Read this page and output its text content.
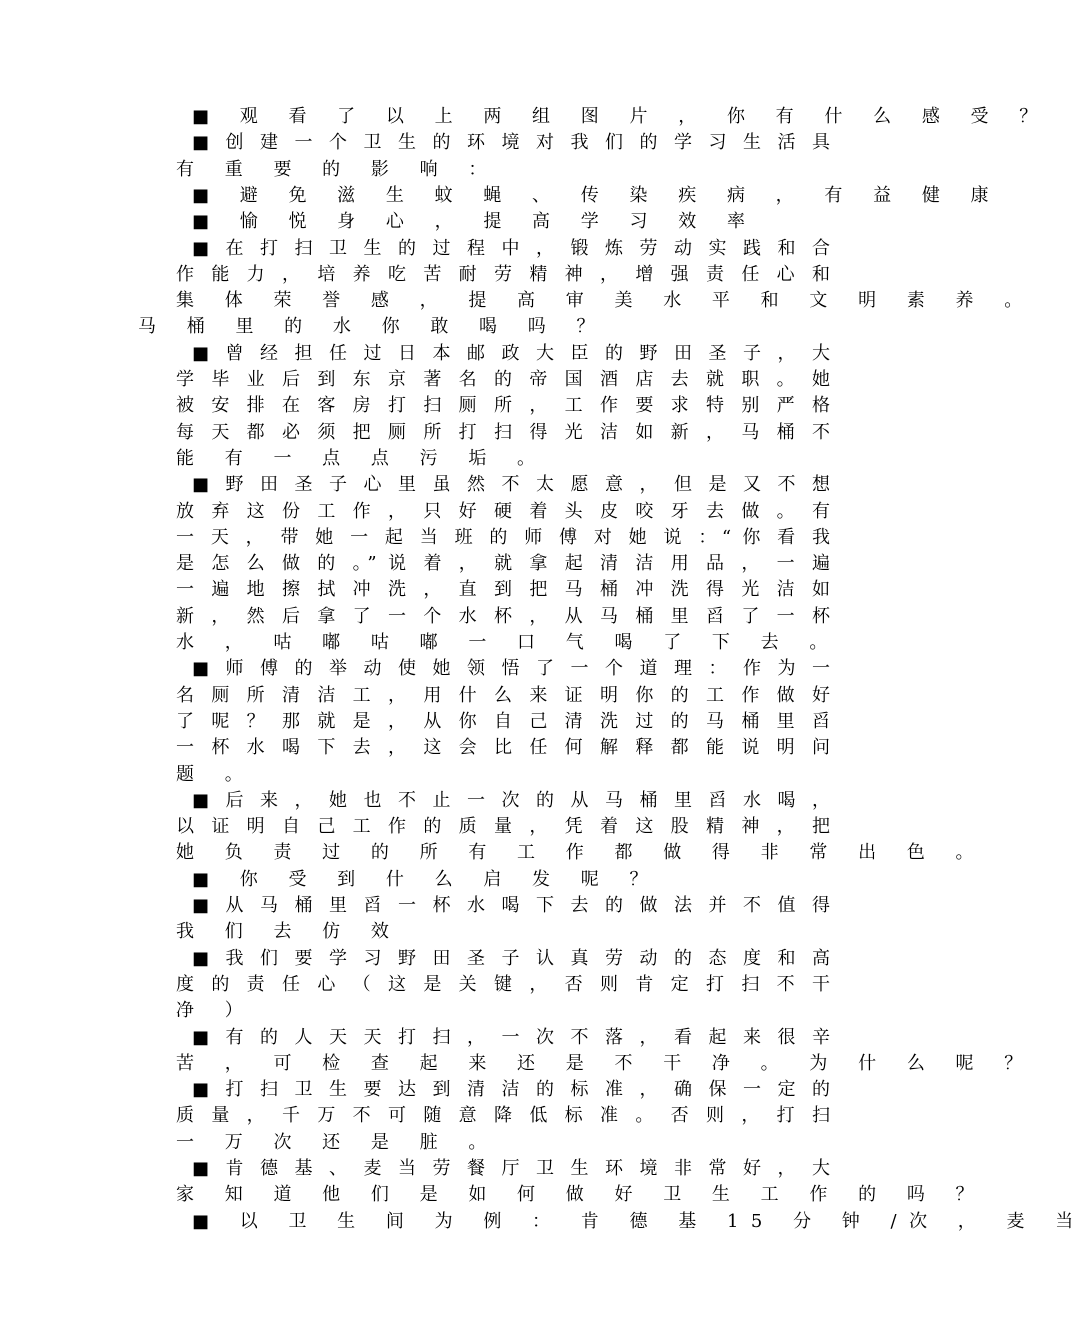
■ 观 看 了 以 上 两 组 图 片 ， 你 有 什 么 感 受 ？
■ 创 建 一 个 卫 生 的 环 境 对 我 们 的 学 习 生 活 具
有 重 要 的 影 响 ：
■ 避 免 滋 生 蚊 蝇 、 传 染 疾 病 ， 有 益 健 康
■ 愉 悦 身 心 ， 提 高 学 习 效 率
■ 在 打 扫 卫 生 的 过 程 中 ， 锻 炼 劳 动 实 践 和 合
作 能 力 ， 培 养 吃 苦 耐 劳 精 神 ， 增 强 责 任 心 和
集 体 荣 誉 感 ， 提 高 审 美 水 平 和 文 明 素 养 。
马 桶 里 的 水 你 敢 喝 吗 ？
■ 曾 经 担 任 过 日 本 邮 政 大 臣 的 野 田 圣 子 ， 大
学 毕 业 后 到 东 京 著 名 的 帝 国 酒 店 去 就 职 。 她
被 安 排 在 客 房 打 扫 厕 所 ， 工 作 要 求 特 别 严 格
每 天 都 必 须 把 厕 所 打 扫 得 光 洁 如 新 ， 马 桶 不
能 有 一 点 点 污 垢 。
■ 野 田 圣 子 心 里 虽 然 不 太 愿 意 ， 但 是 又 不 想
放 弃 这 份 工 作 ， 只 好 硬 着 头 皮 咬 牙 去 做 。 有
一 天 ， 带 她 一 起 当 班 的 师 傅 对 她 说 ：“ 你 看 我
是 怎 么 做 的 。” 说 着 ， 就 拿 起 清 洁 用 品 ， 一 遍
一 遍 地 擦 拭 冲 洗 ， 直 到 把 马 桶 冲 洗 得 光 洁 如
新 ， 然 后 拿 了 一 个 水 杯 ， 从 马 桶 里 舀 了 一 杯
水 ， 咕 嘟 咕 嘟 一 口 气 喝 了 下 去 。
■ 师 傅 的 举 动 使 她 领 悟 了 一 个 道 理 ： 作 为 一
名 厕 所 清 洁 工 ， 用 什 么 来 证 明 你 的 工 作 做 好
了 呢 ？ 那 就 是 ， 从 你 自 己 清 洗 过 的 马 桶 里 舀
一 杯 水 喝 下 去 ， 这 会 比 任 何 解 释 都 能 说 明 问
题 。
■ 后 来 ， 她 也 不 止 一 次 的 从 马 桶 里 舀 水 喝 ，
以 证 明 自 己 工 作 的 质 量 ， 凭 着 这 股 精 神 ， 把
她 负 责 过 的 所 有 工 作 都 做 得 非 常 出 色 。
■ 你 受 到 什 么 启 发 呢 ？
■ 从 马 桶 里 舀 一 杯 水 喝 下 去 的 做 法 并 不 值 得
我 们 去 仿 效
■ 我 们 要 学 习 野 田 圣 子 认 真 劳 动 的 态 度 和 高
度 的 责 任 心 （ 这 是 关 键 ， 否 则 肯 定 打 扫 不 干
净 ）
■ 有 的 人 天 天 打 扫 ， 一 次 不 落 ， 看 起 来 很 辛
苦 ， 可 检 查 起 来 还 是 不 干 净 。 为 什 么 呢 ？
■ 打 扫 卫 生 要 达 到 清 洁 的 标 准 ， 确 保 一 定 的
质 量 ， 千 万 不 可 随 意 降 低 标 准 。 否 则 ， 打 扫
一 万 次 还 是 脏 。
■ 肯 德 基 、 麦 当 劳 餐 厅 卫 生 环 境 非 常 好 ， 大
家 知 道 他 们 是 如 何 做 好 卫 生 工 作 的 吗 ？
■ 以 卫 生 间 为 例 ： 肯 德 基 15 分 钟 /次 ， 麦 当
